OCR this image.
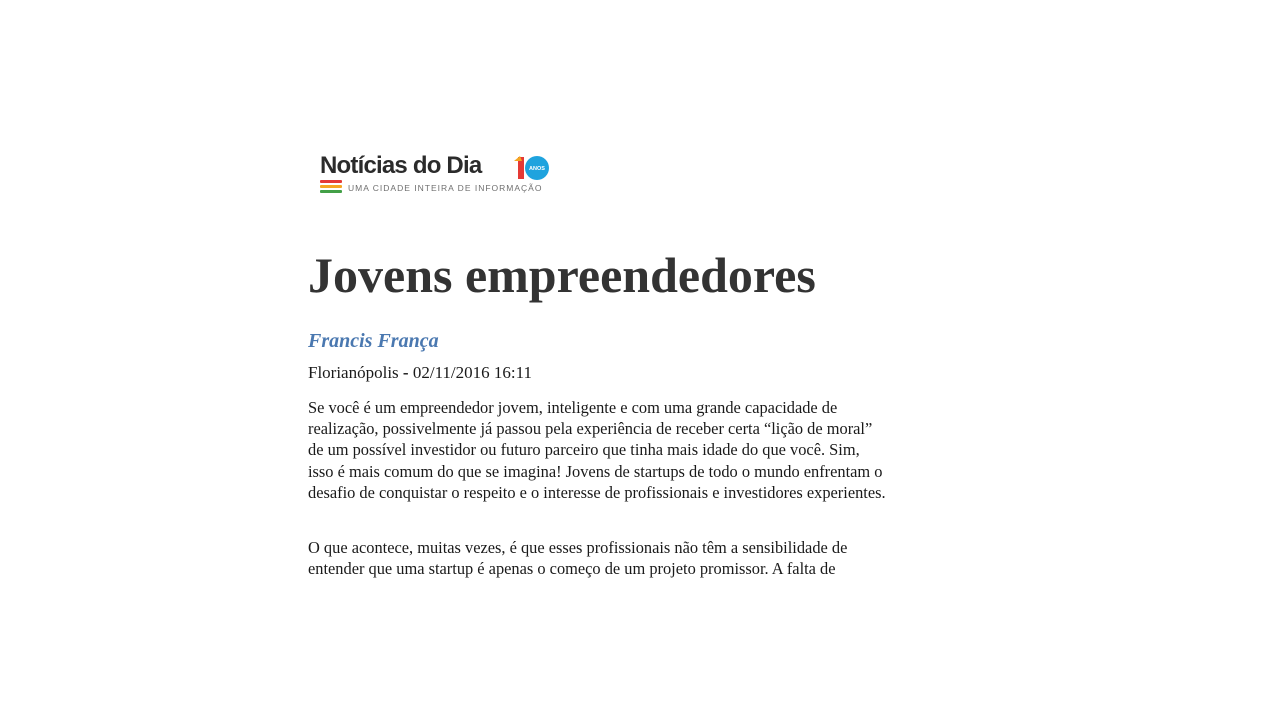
Notícias do Dia
UMA CIDADE INTEIRA DE INFORMAÇÃO
ANOS
Jovens empreendedores
Francis França
Florianópolis - 02/11/2016 16:11
Se você é um empreendedor jovem, inteligente e com uma grande capacidade de
realização, possivelmente já passou pela experiência de receber certa “lição de moral”
de um possível investidor ou futuro parceiro que tinha mais idade do que você. Sim,
isso é mais comum do que se imagina! Jovens de startups de todo o mundo enfrentam o
desafio de conquistar o respeito e o interesse de profissionais e investidores experientes.
O que acontece, muitas vezes, é que esses profissionais não têm a sensibilidade de
entender que uma startup é apenas o começo de um projeto promissor. A falta de
